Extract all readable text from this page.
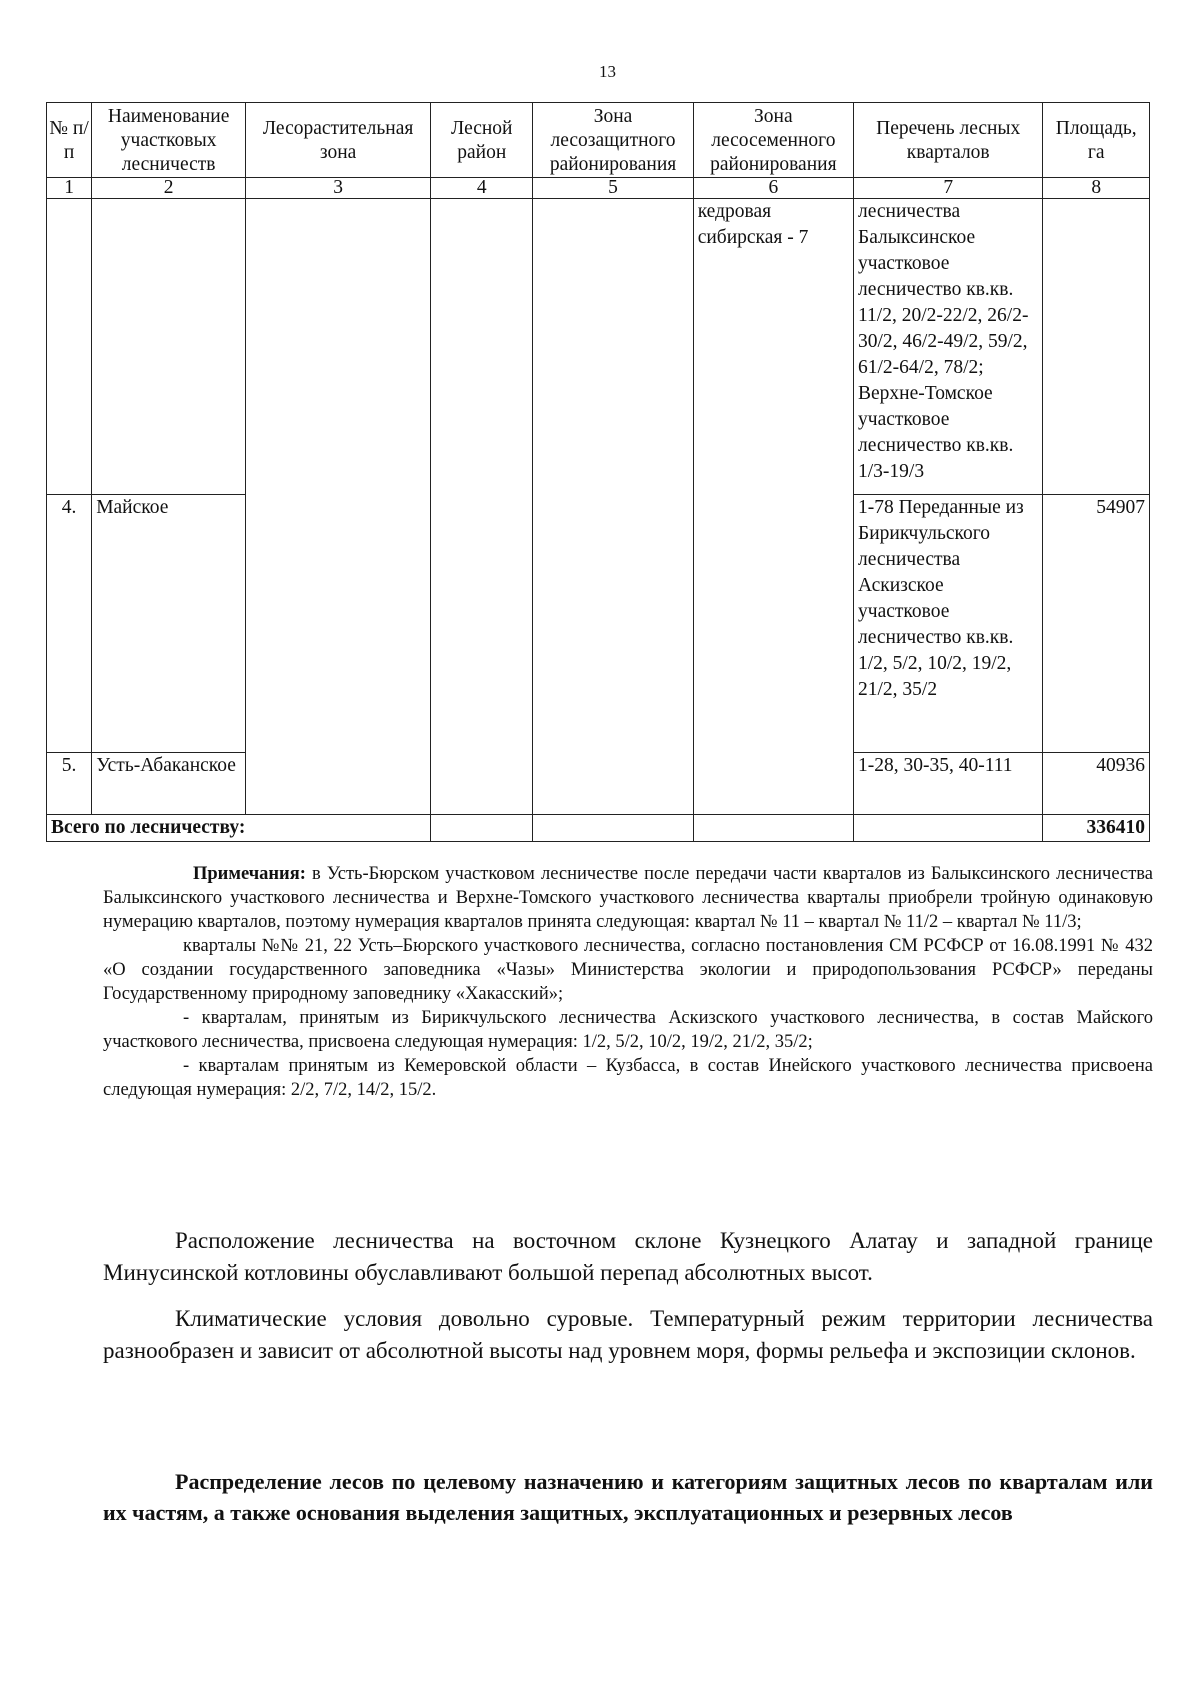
13
№ п/п	Наименование участковых лесничеств	Лесорастительная зона	Лесной район	Зона лесозащитного районирования	Зона лесосеменного районирования	Перечень лесных кварталов	Площадь, га
1	2	3	4	5	6	7	8
					кедровая сибирская - 7	лесничества Балыксинское участковое лесничество кв.кв. 11/2, 20/2-22/2, 26/2-30/2, 46/2-49/2, 59/2, 61/2-64/2, 78/2; Верхне-Томское участковое лесничество кв.кв. 1/3-19/3	
4.	Майское					1-78 Переданные из Бирикчульского лесничества Аскизское участковое лесничество кв.кв. 1/2, 5/2, 10/2, 19/2, 21/2, 35/2	54907
5.	Усть-Абаканское					1-28, 30-35, 40-111	40936
Всего по лесничеству:							336410

Примечания: в Усть-Бюрском участковом лесничестве после передачи части кварталов из Балыксинского лесничества Балыксинского участкового лесничества и Верхне-Томского участкового лесничества кварталы приобрели тройную одинаковую нумерацию кварталов, поэтому нумерация кварталов принята следующая: квартал № 11 – квартал № 11/2 – квартал № 11/3;

кварталы №№ 21, 22 Усть–Бюрского участкового лесничества, согласно постановления СМ РСФСР от 16.08.1991 № 432 «О создании государственного заповедника «Чазы» Министерства экологии и природопользования РСФСР» переданы Государственному природному заповеднику «Хакасский»;

- кварталам, принятым из Бирикчульского лесничества Аскизского участкового лесничества, в состав Майского участкового лесничества, присвоена следующая нумерация: 1/2, 5/2, 10/2, 19/2, 21/2, 35/2;

- кварталам принятым из Кемеровской области – Кузбасса, в состав Инейского участкового лесничества присвоена следующая нумерация: 2/2, 7/2, 14/2, 15/2.

Расположение лесничества на восточном склоне Кузнецкого Алатау и западной границе Минусинской котловины обуславливают большой перепад абсолютных высот.

Климатические условия довольно суровые. Температурный режим территории лесничества разнообразен и зависит от абсолютной высоты над уровнем моря, формы рельефа и экспозиции склонов.

Распределение лесов по целевому назначению и категориям защитных лесов по кварталам или их частям, а также основания выделения защитных, эксплуатационных и резервных лесов
